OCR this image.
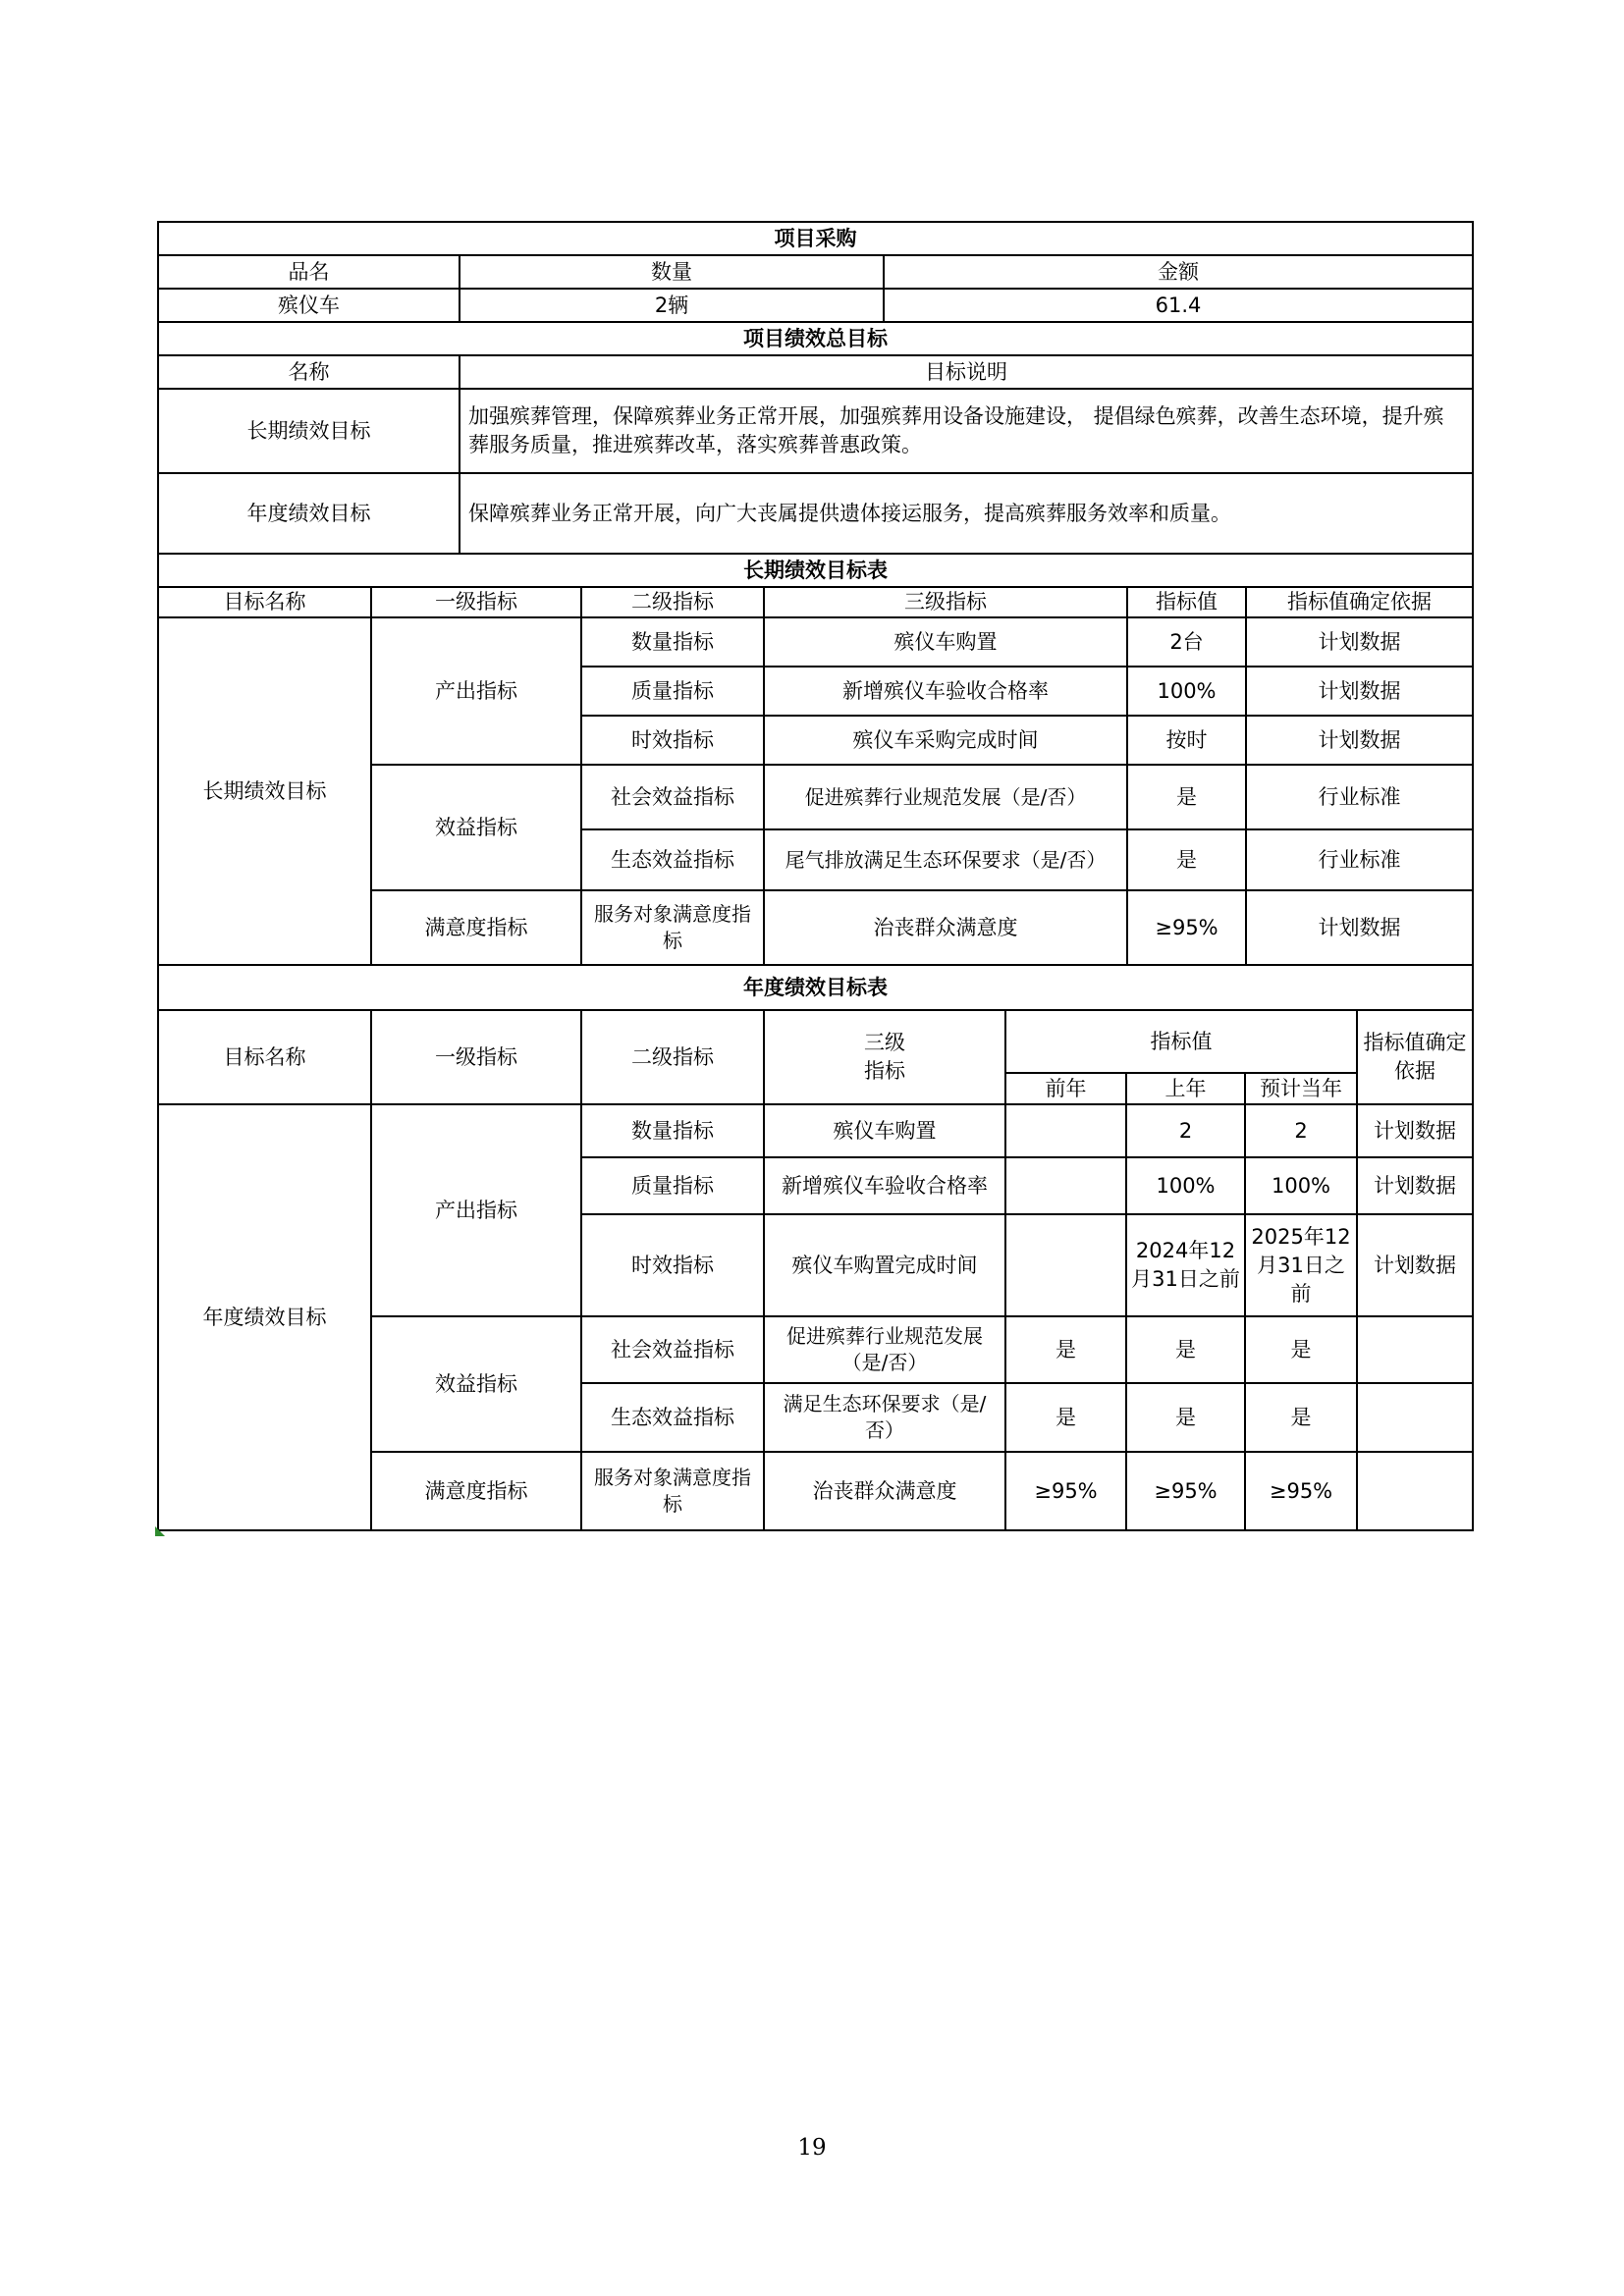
项目采购		
品名	数量	金额
殡仪车	2辆	61.4
项目绩效总目标		
名称	目标说明	
长期绩效目标	加强殡葬管理，保障殡葬业务正常开展，加强殡葬用设备设施建设， 提倡绿色殡葬，改善生态环境，提升殡葬服务质量，推进殡葬改革，落实殡葬普惠政策。	
年度绩效目标	保障殡葬业务正常开展，向广大丧属提供遗体接运服务，提高殡葬服务效率和质量。	
长期绩效目标表					
目标名称	一级指标	二级指标	三级指标	指标值	指标值确定依据
长期绩效目标	产出指标	数量指标	殡仪车购置	2台	计划数据
		质量指标	新增殡仪车验收合格率	100%	计划数据
		时效指标	殡仪车采购完成时间	按时	计划数据
	效益指标	社会效益指标	促进殡葬行业规范发展（是/否）	是	行业标准
		生态效益指标	尾气排放满足生态环保要求（是/否）	是	行业标准
	满意度指标	服务对象满意度指标	治丧群众满意度	≥95%	计划数据
年度绩效目标表							
目标名称	一级指标	二级指标	三级指标	指标值			指标值确定依据
				前年	上年	预计当年	
年度绩效目标	产出指标	数量指标	殡仪车购置		2	2	计划数据
		质量指标	新增殡仪车验收合格率		100%	100%	计划数据
		时效指标	殡仪车购置完成时间		2024年12月31日之前	2025年12月31日之前	计划数据
	效益指标	社会效益指标	促进殡葬行业规范发展（是/否）	是	是	是	
		生态效益指标	满足生态环保要求（是/否）	是	是	是	
	满意度指标	服务对象满意度指标	治丧群众满意度	≥95%	≥95%	≥95%	
19
